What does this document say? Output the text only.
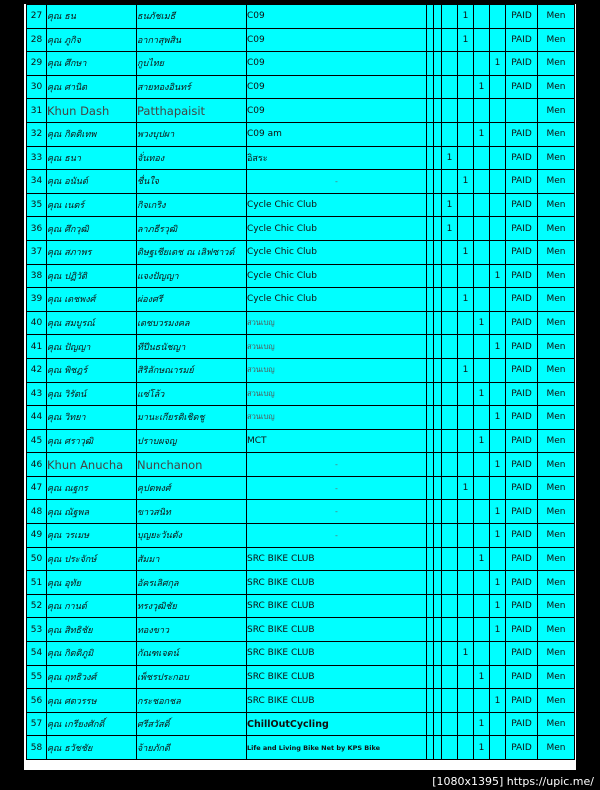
27	คุณ ธน	ธนภัชเมธี	C09				1			PAID	Men
28	คุณ ภูกิจ	อากาสุพสิน	C09				1			PAID	Men
29	คุณ ศึกษา	กูบไทย	C09						1	PAID	Men
30	คุณ ศานิต	สายทองอินทร์	C09					1		PAID	Men
31	Khun Dash	Patthapaisit	C09								Men
32	คุณ กิตติเทพ	พวงบุปผา	C09 am					1		PAID	Men
33	คุณ ธนา	จั่นทอง	อิสระ			1				PAID	Men
34	คุณ อนันต์	ชื่นใจ	-				1			PAID	Men
35	คุณ เนตร์	กิจเกริง	Cycle Chic Club			1				PAID	Men
36	คุณ ศึกวุฒิ	ลาภธีรวุฒิ	Cycle Chic Club			1				PAID	Men
37	คุณ สภาพร	ดิษฐเชียเดช ณ เลิฟซาวด์	Cycle Chic Club				1			PAID	Men
38	คุณ ปฏิวัติ	แจงปัญญา	Cycle Chic Club						1	PAID	Men
39	คุณ เดชพงศ์	ผ่องศรี	Cycle Chic Club				1			PAID	Men
40	คุณ สมบูรณ์	เดชบวรมงคล	สวนเบญ					1		PAID	Men
41	คุณ ปัญญา	ทีปีนธนัชญา	สวนเบญ						1	PAID	Men
42	คุณ พิชฎร์	สิริลักษณารมย์	สวนเบญ				1			PAID	Men
43	คุณ วิรัตน์	แซ่โล้ว	สวนเบญ					1		PAID	Men
44	คุณ วิทยา	มานะเกียรติเชิดชู	สวนเบญ						1	PAID	Men
45	คุณ ศราวุฒิ	ปราบผจญ	MCT					1		PAID	Men
46	Khun Anucha	Nunchanon	-						1	PAID	Men
47	คุณ ณฐกร	คุปตพงศ์	-				1			PAID	Men
48	คุณ ณัฐพล	ขาวสนิท	-						1	PAID	Men
49	คุณ วรเมษ	บุญยะวันตัง	-						1	PAID	Men
50	คุณ ประจักษ์	สัมมา	SRC BIKE CLUB					1		PAID	Men
51	คุณ อุทัย	อัครเลิศกุล	SRC BIKE CLUB						1	PAID	Men
52	คุณ กานต์	ทรงวุฒิชัย	SRC BIKE CLUB						1	PAID	Men
53	คุณ สิทธิชัย	ทองขาว	SRC BIKE CLUB						1	PAID	Men
54	คุณ กิตติภูมิ	กัณฑเจตน์	SRC BIKE CLUB				1			PAID	Men
55	คุณ ฤทธิวงศ์	เพ็ชรประกอบ	SRC BIKE CLUB					1		PAID	Men
56	คุณ ศตวรรษ	กระชอกชล	SRC BIKE CLUB						1	PAID	Men
57	คุณ เกรียงศักดิ์	ศรีสวัสดิ์	ChillOutCycling					1		PAID	Men
58	คุณ ธวัชชัย	จ้ายภักดี	Life and Living Bike Net by KPS Bike					1		PAID	Men
[1080x1395] https://upic.me/
